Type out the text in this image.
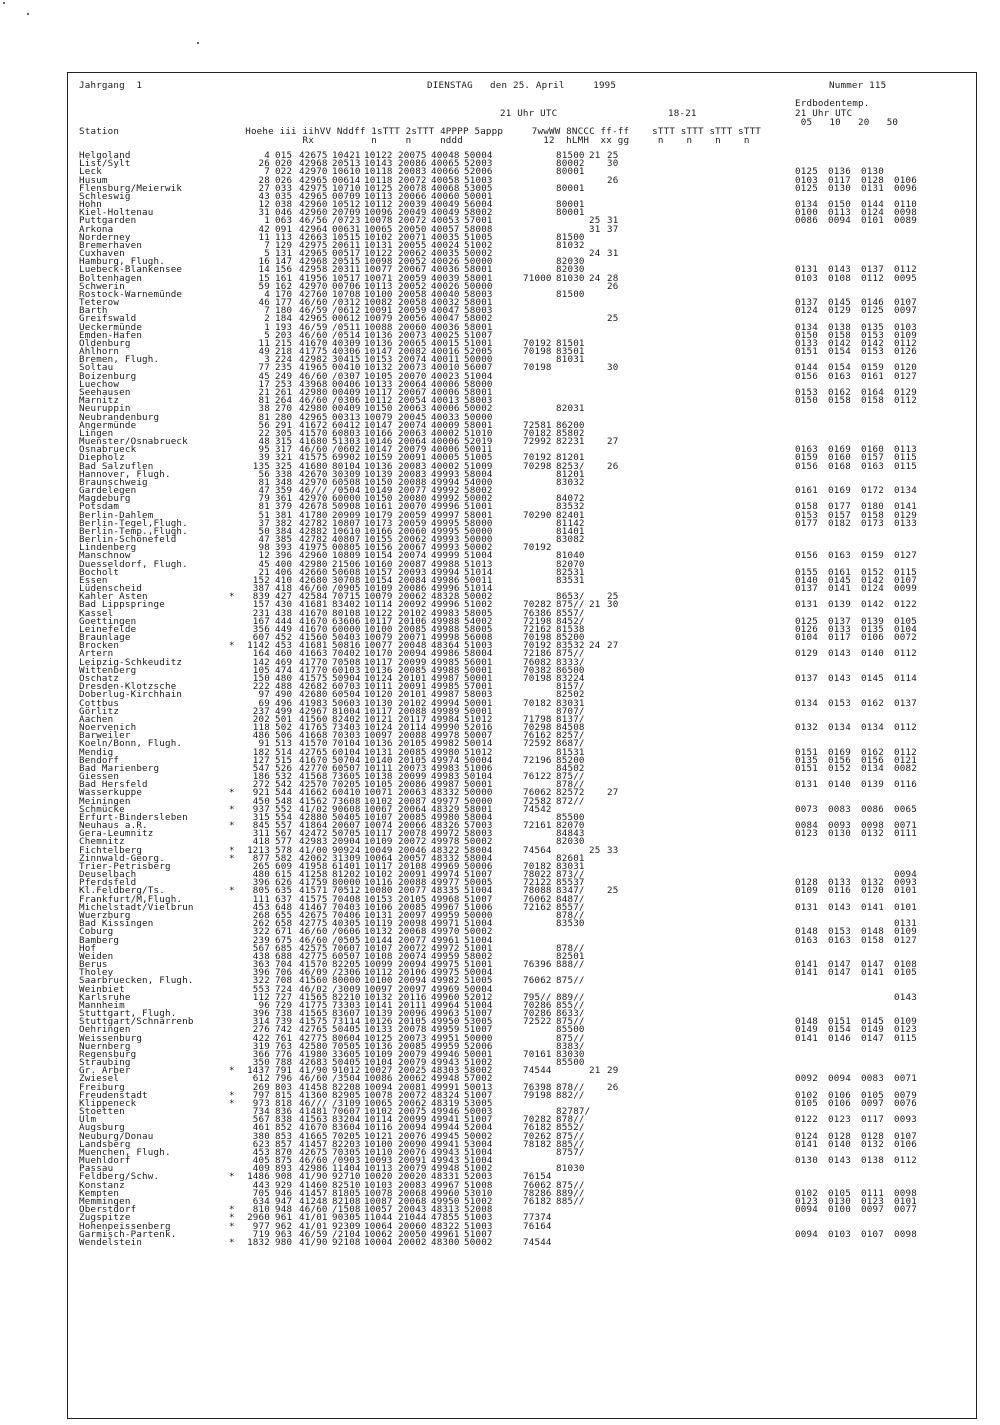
Jahrgang  1	DIENSTAG   den 25. April     1995	Nummer 115
Erdbodentemp.
21 Uhr UTC	18-21	21 Uhr UTC
05   10   20   50
Station                      Hoehe iii iihVV Nddff 1sTTT 2sTTT 4PPPP 5appp     7wwWW 8NCCC ff-ff    sTTT sTTT sTTT sTTT
Rx          n     n     nddd              12  hLMH  xx gg     n    n    n    n
Helgoland	4 015 42675 10421 10122 20075 40048 50004	81500 21 25
List/Sylt	26 020 42968 20513 10143 20086 40065 52003	80002 30
Leck	7 022 42970 10610 10118 20083 40066 52006	80001	0125 0136 0130
Husum	28 026 42965 00614 10118 20072 40058 51003	26	0103 0117 0128 0106
Flensburg/Meierwik	27 033 42975 10710 10125 20078 40068 53005	80001	0125 0130 0131 0096
Schleswig	43 035 42965 00709 10113 20066 40060 50001
Hohn	12 038 42960 10512 10112 20039 40049 56004	80001	0134 0150 0144 0110
Kiel-Holtenau	31 046 42960 20709 10096 20049 40049 58002	80001	0100 0113 0124 0098
Puttgarden	1 063 46/56 /0723 10078 20072 40053 57001	25 31	0086 0094 0101 0089
Arkona	42 091 42964 00631 10065 20050 40057 58008	31 37
Norderney	11 113 42663 10515 10102 20071 40035 51005	81500
Bremerhaven	7 129 42975 20611 10131 20055 40024 51002	81032
Cuxhaven	5 131 42965 00517 10122 20062 40035 50002	24 31
Hamburg, Flugh.	16 147 42968 20515 10098 20052 40026 50000	82030
Luebeck-Blankensee	14 156 42958 20311 10077 20067 40036 58001	82030	0131 0143 0137 0112
Boltenhagen	15 161 41956 10517 10071 20059 40039 58001	71000 81030 24 28	0103 0108 0112 0095
Schwerin	59 162 42970 00706 10113 20052 40026 50000	26
Rostock-Warnemünde	4 170 42760 10708 10100 20058 40040 58003	81500
Teterow	46 177 46/60 /0312 10082 20058 40032 58001	0137 0145 0146 0107
Barth	7 180 46/59 /0612 10091 20059 40047 58003	0124 0129 0125 0097
Greifswald	2 184 42965 00612 10079 20056 40047 58002	25
Ueckermünde	1 193 46/59 /0511 10088 20060 40036 58001	0134 0138 0135 0103
Emden-Hafen	5 203 46/60 /0514 10136 20073 40025 51007	0150 0158 0153 0109
Oldenburg	11 215 41670 40309 10136 20065 40015 51001	70192 81501	0133 0142 0142 0112
Ahlhorn	49 218 41775 40306 10147 20082 40016 52005	70198 83501	0151 0154 0153 0126
Bremen, Flugh.	3 224 42982 30415 10153 20074 40011 50000	81031
Soltau	77 235 41965 00410 10132 20073 40010 56007	70198	30	0144 0154 0159 0120
Boizenburg	45 249 46/60 /0307 10105 20070 40023 51004	0156 0163 0161 0127
Luechow	17 253 43968 00406 10133 20064 40006 58000
Seehausen	21 261 42980 00409 10117 20067 40006 58001	0153 0162 0164 0129
Marnitz	81 264 46/60 /0306 10112 20054 40013 58003	0150 0158 0158 0112
Neuruppin	38 270 42980 00409 10150 20063 40006 50002	82031
Neubrandenburg	81 280 42965 00313 10079 20045 40033 50000
Angermünde	56 291 41672 60412 10147 20074 40009 58001	72581 86200
Lingen	22 305 41570 60803 10166 20063 40002 51010	70182 85802
Muenster/Osnabrueck	48 315 41680 51303 10146 20064 40006 52019	72992 82231 27
Osnabrueck	95 317 46/60 /0602 10147 20079 40006 50011	0163 0169 0160 0113
Diepholz	39 321 41575 69902 10159 20091 40005 51005	70192 81201	0159 0160 0157 0115
Bad Salzuflen	135 325 41680 80104 10136 20083 40002 51009	70298 8253/ 26	0156 0168 0163 0115
Hannover, Flugh.	56 338 42670 30309 10139 20083 49993 58004	81201
Braunschweig	81 348 42970 60508 10150 20088 49994 54000	83032
Gardelegen	47 359 46/// /0504 10149 20077 49992 58002	0161 0169 0172 0134
Magdeburg	79 361 42970 60000 10150 20080 49992 50002	84072
Potsdam	81 379 42678 50908 10161 20070 49996 51001	83532	0158 0177 0180 0141
Berlin-Dahlem	51 381 41780 20909 10179 20059 49997 58001	70290 82401	0153 0157 0158 0129
Berlin-Tegel,Flugh.	37 382 42782 10807 10173 20059 49995 58000	81142	0177 0182 0173 0133
Berlin-Temp.,Flugh.	50 384 42882 10610 10166 20060 49995 50000	81401
Berlin-Schönefeld	47 385 42782 40807 10155 20062 49993 50000	83082
Lindenberg	98 393 41975 00805 10156 20067 49993 50002	70192
Manschnow	12 396 42960 10809 10154 20074 49999 51004	81040	0156 0163 0159 0127
Duesseldorf, Flugh.	45 400 42980 21506 10160 20087 49988 51013	82070
Bocholt	21 406 42660 50608 10157 20093 49994 51014	82531	0155 0161 0152 0115
Essen	152 410 42680 30708 10154 20084 49986 50011	83531	0140 0145 0142 0107
Lüdenscheid	387 418 46/60 /0905 10109 20086 49996 51014	0137 0141 0124 0099
Kahler Asten	*	839 427 42584 70715 10079 20062 48328 50002	8653/ 25
Bad Lippspringe	157 430 41681 83402 10114 20092 49996 51002	70282 875// 21 30	0131 0139 0142 0122
Kassel	231 438 41670 80108 10122 20102 49983 58005	76386 8557/
Goettingen	167 444 41670 63606 10117 20106 49988 54002	72198 8452/	0125 0137 0139 0105
Leinefelde	356 449 41670 60000 10100 20085 49988 58005	72162 81538	0126 0133 0135 0104
Braunlage	607 452 41560 50403 10079 20071 49998 56008	70198 85200	0104 0117 0106 0072
Brocken	*	1142 453 41681 50816 10077 20048 48364 51003	70192 83532 24 27
Artern	164 460 41663 70402 10170 20094 49986 58004	72186 875//	0129 0143 0140 0112
Leipzig-Schkeuditz	142 469 41770 70508 10117 20099 49985 56001	76082 8333/
Wittenberg	105 474 41770 60103 10136 20085 49988 50001	70382 86500
Oschatz	150 480 41575 50904 10124 20101 49987 50001	70198 83224	0137 0143 0145 0114
Dresden-Klotzsche	222 488 42682 60703 10111 20091 49985 57001	8157/
Doberlug-Kirchhain	97 490 42680 60504 10120 20101 49987 58003	82502
Cottbus	69 496 41983 50603 10130 20102 49994 50001	70182 83031	0134 0153 0162 0137
Görlitz	237 499 42967 81004 10117 20088 49989 50001	8707/
Aachen	202 501 41560 82402 10121 20117 49984 51012	71798 8137/
Noervenich	118 502 41765 73403 10124 20114 49990 52016	70298 84508	0132 0134 0134 0112
Barweiler	486 506 41668 70303 10097 20088 49978 50007	76162 8257/
Koeln/Bonn, Flugh.	91 513 41570 70104 10136 20105 49982 50014	72592 8687/
Mendig	182 514 42765 60104 10131 20085 49980 51012	81531	0151 0169 0162 0112
Bendorf	127 515 41670 50704 10140 20105 49974 50004	72196 85200	0135 0156 0156 0121
Bad Marienberg	547 526 42770 60507 10111 20073 49983 51006	84502	0151 0152 0134 0082
Giessen	186 532 41568 73605 10138 20099 49983 50104	76122 875//
Bad Hersfeld	272 542 42570 70205 10105 20086 49987 50001	878//	0131 0140 0139 0116
Wasserkuppe	*	921 544 41662 60410 10071 20063 48332 50000	76062 82572 27
Meiningen	450 548 41562 73608 10102 20087 49977 50000	72582 872//
Schmücke	*	937 552 41/02 90608 10067 20064 48329 58001	74542	0073 0083 0086 0065
Erfurt-Bindersleben	315 554 42880 50405 10107 20085 49980 58004	85500
Neuhaus a.R.	*	845 557 41864 20607 10074 20066 48326 57003	72161 82070	0084 0093 0098 0071
Gera-Leumnitz	311 567 42472 50705 10117 20078 49972 58003	84843	0123 0130 0132 0111
Chemnitz	418 577 42983 20904 10109 20072 49978 50002	82030
Fichtelberg	*	1213 578 41/00 90924 10049 20046 48322 58004	74564	25 33
Zinnwald-Georg.	*	877 582 42062 31309 10064 20057 48332 58004	82601
Trier-Petrisberg	265 609 41958 61401 10117 20108 49969 50006	70182 83031
Deuselbach	480 615 41258 81202 10102 20091 49974 51007	78022 873//	0094
Pferdsfeld	396 626 41759 80000 10116 20088 49977 50005	72122 85537	0128 0133 0132 0093
Kl.Feldberg/Ts.	*	805 635 41571 70512 10080 20077 48335 51004	78088 8347/ 25	0109 0116 0120 0101
Frankfurt/M,Flugh.	111 637 41575 70408 10153 20105 49968 51007	76062 8487/
Michelstadt/Vielbrun	453 648 41467 70403 10106 20085 49967 51006	72162 8557/	0131 0143 0141 0101
Wuerzburg	268 655 42675 70406 10131 20097 49959 50000	878//
Bad Kissingen	262 658 42775 40305 10119 20098 49971 51004	83530	0131
Coburg	322 671 46/60 /0606 10132 20068 49970 50002	0148 0153 0148 0109
Bamberg	239 675 46/60 /0505 10144 20077 49961 51004	0163 0163 0158 0127
Hof	567 685 42575 70607 10107 20072 49972 51001	878//
Weiden	438 688 42775 60507 10108 20074 49959 58002	82501
Berus	363 704 41570 82205 10099 20094 49975 51001	76396 888//	0141 0147 0147 0108
Tholey	396 706 46/09 /2306 10112 20106 49975 50004	0141 0147 0141 0105
Saarbruecken, Flugh.	322 708 41560 80000 10100 20094 49982 51005	76062 875//
Weinbiet	553 724 46/02 /3009 10097 20097 49969 50004
Karlsruhe	112 727 41565 82210 10132 20116 49960 52012	795// 889//	0143
Mannheim	96 729 41775 73303 10141 20111 49964 51004	70286 855//
Stuttgart, Flugh.	396 738 41565 83607 10139 20096 49963 51007	70286 8633/
Stuttgart/Schnarrenb	314 739 41575 73114 10126 20105 49950 53005	72522 875//	0148 0151 0145 0109
Oehringen	276 742 42765 50405 10133 20078 49959 51007	85500	0149 0154 0149 0123
Weissenburg	422 761 42775 80604 10125 20073 49951 50000	875//	0141 0146 0147 0115
Nuernberg	319 763 42580 70505 10136 20085 49959 52006	8383/
Regensburg	366 776 41980 33605 10109 20079 49946 50001	70161 83030
Straubing	350 788 42683 50405 10104 20079 49943 51002	85500
Gr. Arber	*	1437 791 41/90 91012 10027 20025 48303 58002	74544	21 29
Zwiesel	612 796 46/60 /3504 10086 20062 49948 57002	0092 0094 0083 0071
Freiburg	269 803 41458 82208 10094 20081 49991 50013	76398 878// 26
Freudenstadt	*	797 815 41360 82905 10078 20072 48324 51007	79198 882//	0102 0106 0105 0079
Klippeneck	*	973 818 46/// /3109 10065 20062 48319 53005	0105 0106 0097 0076
Stoetten	734 836 41481 70607 10102 20075 49946 50003	82787/
Ulm	567 838 41563 83204 10114 20099 49941 51007	70282 878//	0122 0123 0117 0093
Augsburg	461 852 41670 83604 10116 20094 49944 52004	76182 8552/
Neuburg/Donau	380 853 41665 70205 10121 20076 49945 50002	70262 875//	0124 0128 0128 0107
Landsberg	623 857 41457 82203 10100 20090 49941 53004	78182 885//	0141 0140 0132 0106
Muenchen, Flugh.	453 870 42675 70305 10110 20076 49943 51004	8757/
Muehldorf	405 875 46/60 /0903 10093 20091 49943 51004	0130 0143 0138 0112
Passau	409 893 42986 11404 10113 20079 49948 51002	81030
Feldberg/Schw.	*	1486 908 41/90 92710 10020 20020 48331 52003	76154
Konstanz	443 929 41460 82510 10103 20083 49967 51008	76062 875//
Kempten	705 946 41457 81805 10078 20068 49960 53010	78286 889//	0102 0105 0111 0098
Memmingen	634 947 41248 82108 10087 20068 49950 51002	76182 885//	0123 0130 0123 0101
Oberstdorf	*	810 948 46/60 /1508 10057 20043 48313 52008	0094 0100 0097 0077
Zugspitze	*	2960 961 41/01 90305 11044 21044 47855 51003	77374
Hohenpeissenberg	*	977 962 41/01 92309 10064 20060 48322 51003	76164
Garmisch-Partenk.	719 963 46/59 /2104 10062 20050 49961 51007	0094 0103 0107 0098
Wendelstein	*	1832 980 41/90 92108 10004 20002 48300 50002	74544
